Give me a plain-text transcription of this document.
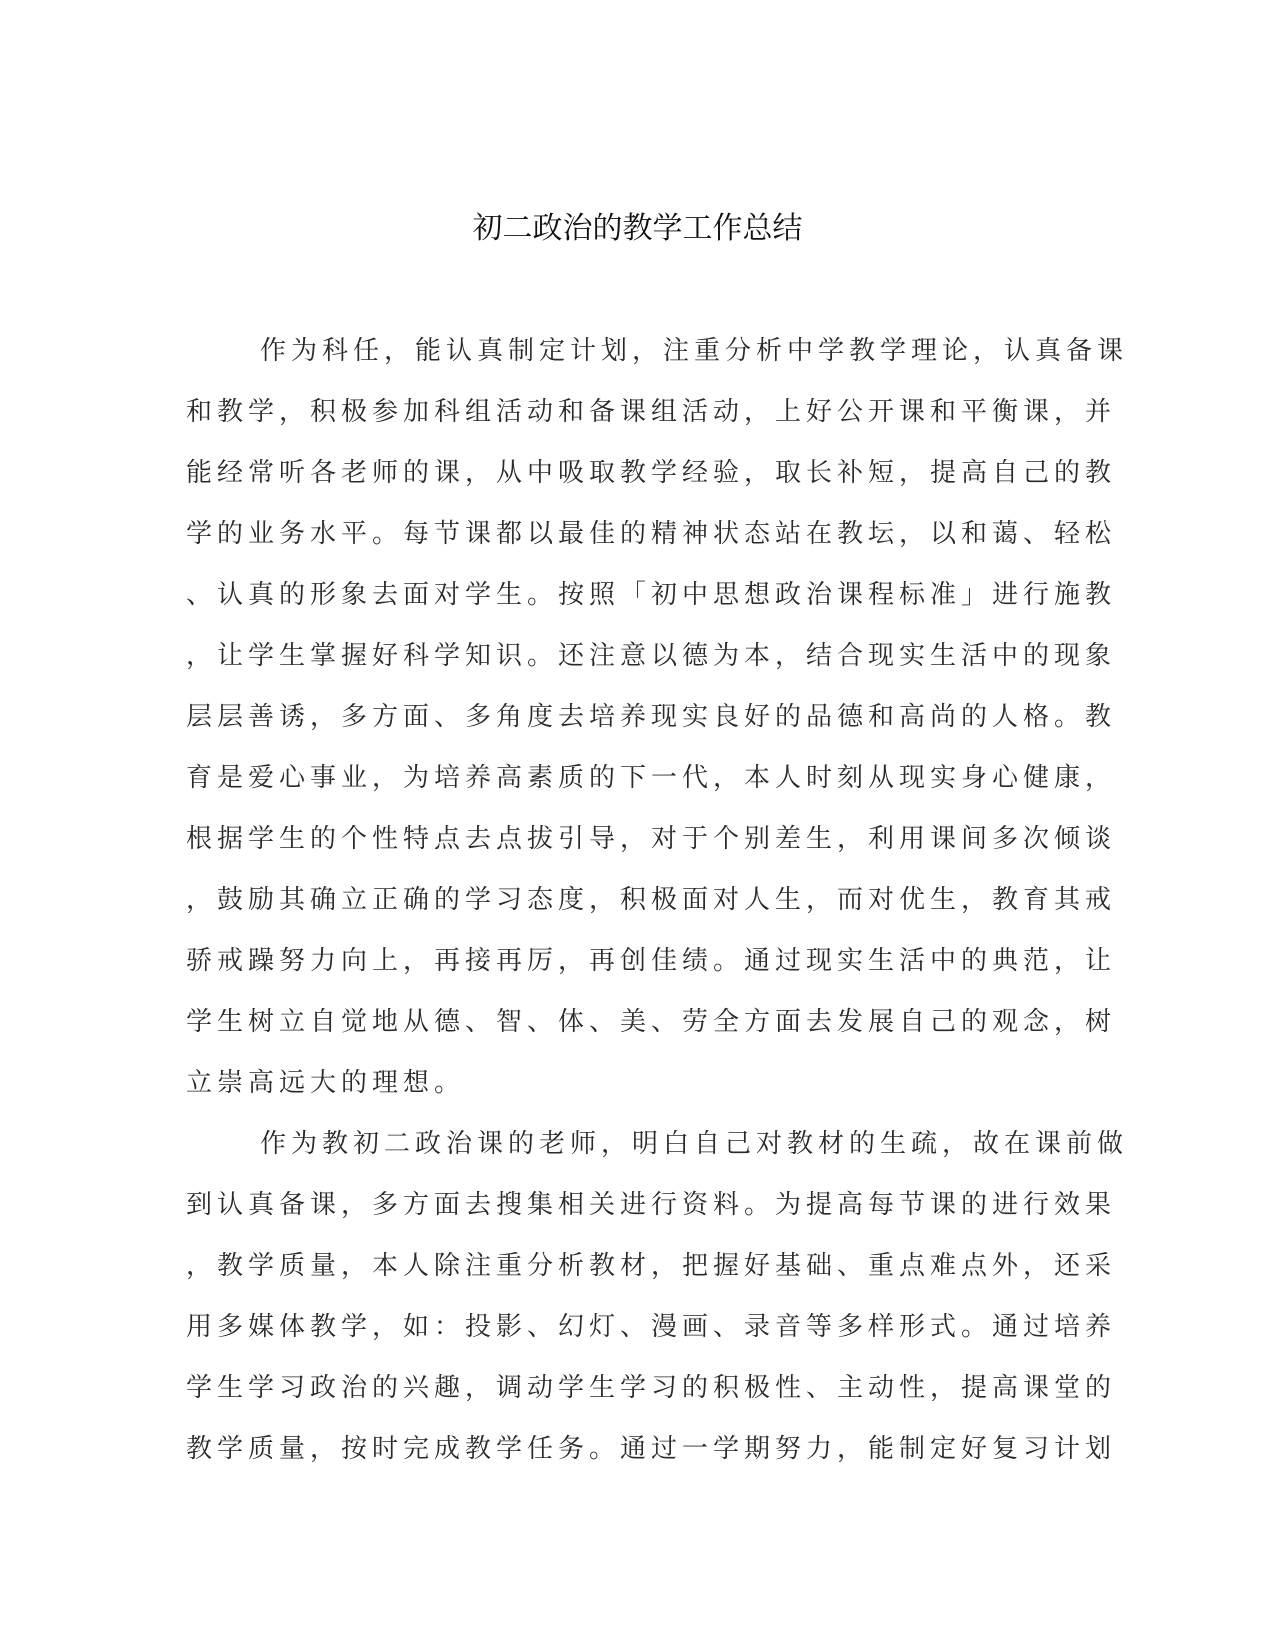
初二政治的教学工作总结
作为科任，能认真制定计划，注重分析中学教学理论，认真备课
和教学，积极参加科组活动和备课组活动，上好公开课和平衡课，并
能经常听各老师的课，从中吸取教学经验，取长补短，提高自己的教
学的业务水平。每节课都以最佳的精神状态站在教坛，以和蔼、轻松
、认真的形象去面对学生。按照「初中思想政治课程标准」进行施教
，让学生掌握好科学知识。还注意以德为本，结合现实生活中的现象
层层善诱，多方面、多角度去培养现实良好的品德和高尚的人格。教
育是爱心事业，为培养高素质的下一代，本人时刻从现实身心健康，
根据学生的个性特点去点拔引导，对于个别差生，利用课间多次倾谈
，鼓励其确立正确的学习态度，积极面对人生，而对优生，教育其戒
骄戒躁努力向上，再接再厉，再创佳绩。通过现实生活中的典范，让
学生树立自觉地从德、智、体、美、劳全方面去发展自己的观念，树
立崇高远大的理想。
作为教初二政治课的老师，明白自己对教材的生疏，故在课前做
到认真备课，多方面去搜集相关进行资料。为提高每节课的进行效果
，教学质量，本人除注重分析教材，把握好基础、重点难点外，还采
用多媒体教学，如：投影、幻灯、漫画、录音等多样形式。通过培养
学生学习政治的兴趣，调动学生学习的积极性、主动性，提高课堂的
教学质量，按时完成教学任务。通过一学期努力，能制定好复习计划
